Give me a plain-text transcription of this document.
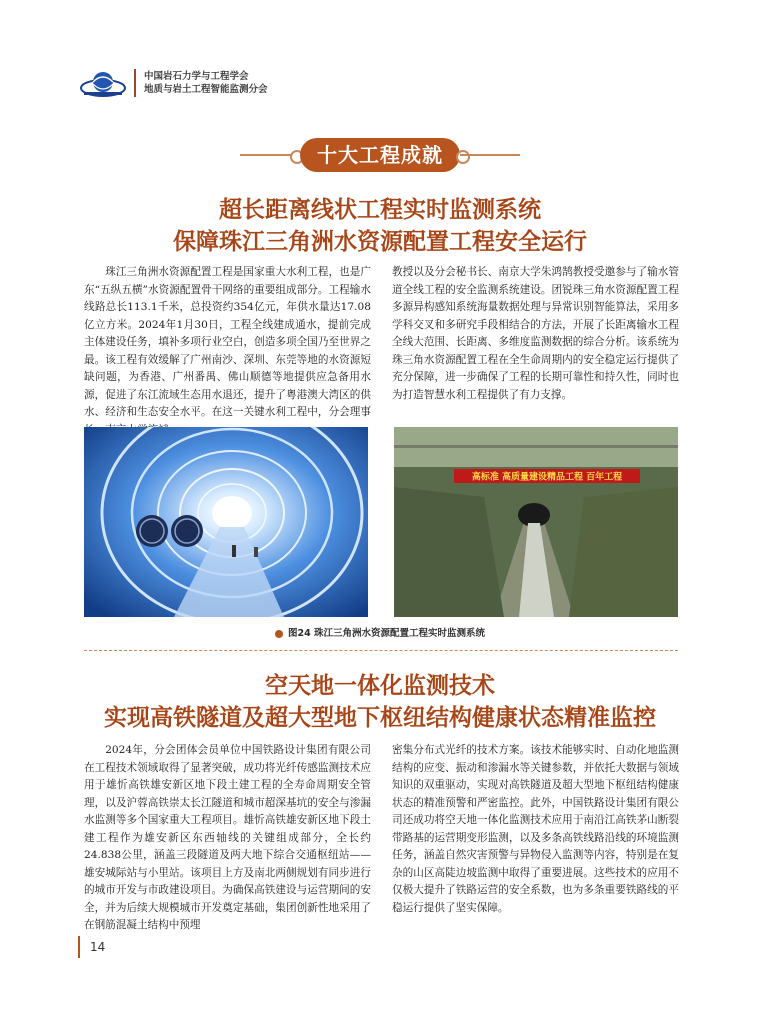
中国岩石力学与工程学会
地质与岩土工程智能监测分会
十大工程成就
超长距离线状工程实时监测系统
保障珠江三角洲水资源配置工程安全运行

珠江三角洲水资源配置工程是国家重大水利工程，也是广东“五纵五横”水资源配置骨干网络的重要组成部分。工程输水线路总长113.1千米，总投资约354亿元，年供水量达17.08亿立方米。2024年1月30日，工程全线建成通水，提前完成主体建设任务，填补多项行业空白，创造多项全国乃至世界之最。该工程有效缓解了广州南沙、深圳、东莞等地的水资源短缺问题，为香港、广州番禺、佛山顺德等地提供应急备用水源，促进了东江流域生态用水退还，提升了粤港澳大湾区的供水、经济和生态安全水平。在这一关键水利工程中，分会理事

教授以及分会秘书长、南京大学朱鸿鹄教授受邀参与了输水管道全线工程的安全监测系统建设。团锐珠三角水资源配置工程多源异构感知系统海量数据处理与异常识别智能算法，采用多学科交叉和多研究手段相结合的方法，开展了长距离输水工程全线大范围、长距离、多维度监测数据的综合分析。该系统为珠三角水资源配置工程在全生命周期内的安全稳定运行提供了充分保障，进一步确保了工程的长期可靠性和持久性，同时也为打造智慧水利工程提供了有力支撑。

高标准 高质量建设精品工程 百年工程
图24 珠江三角洲水资源配置工程实时监测系统
空天地一体化监测技术
实现高铁隧道及超大型地下枢纽结构健康状态精准监控

2024年，分会团体会员单位中国铁路设计集团有限公司在工程技术领域取得了显著突破，成功将光纤传感监测技术应用于雄忻高铁雄安新区地下段土建工程的全寿命周期安全管理，以及沪蓉高铁崇太长江隧道和城市超深基坑的安全与渗漏水监测等多个国家重大工程项目。雄忻高铁雄安新区地下段土建工程作为雄安新区东西轴线的关键组成部分，全长约24.838公里，涵盖三段隧道及两大地下综合交通枢纽站——雄安城际站与小里站。该项目上方及南北两侧规划有同步进行的城市开发与市政建设项目。为确保高铁建设与运营期间的安全，并为后续大规模城市开发奠定基础，集团创新性地采用了在钢筋混凝土结构中预埋

密集分布式光纤的技术方案。该技术能够实时、自动化地监测结构的应变、振动和渗漏水等关键参数，并依托大数据与领域知识的双重驱动，实现对高铁隧道及超大型地下枢纽结构健康状态的精准预警和严密监控。此外，中国铁路设计集团有限公司还成功将空天地一体化监测技术应用于南沿江高铁茅山断裂带路基的运营期变形监测，以及多条高铁线路沿线的环境监测任务，涵盖自然灾害预警与异物侵入监测等内容，特别是在复杂的山区高陡边坡监测中取得了重要进展。这些技术的应用不仅极大提升了铁路运营的安全系数，也为多条重要铁路线的平稳运行提供了坚实保障。

14
